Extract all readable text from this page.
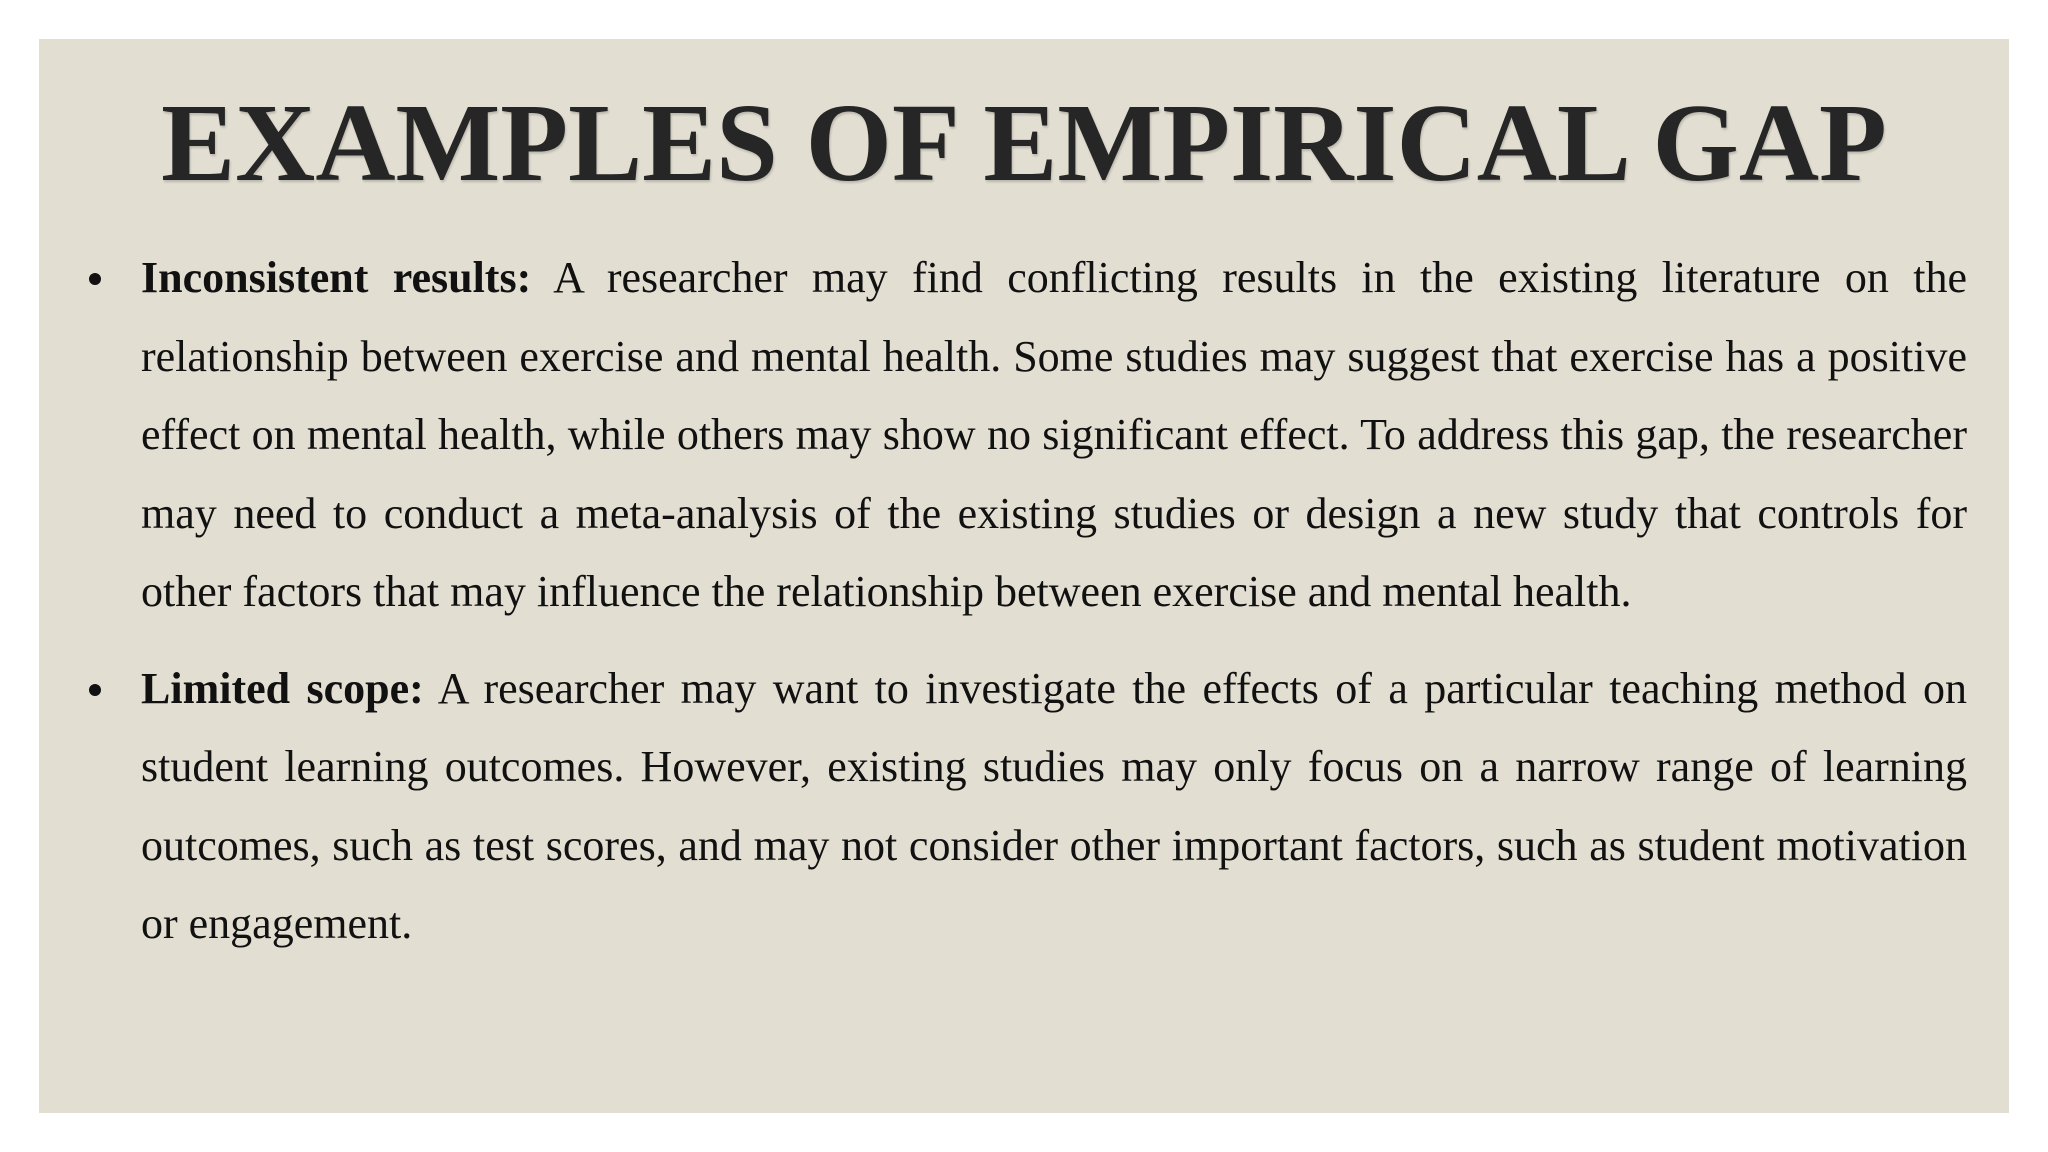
EXAMPLES OF EMPIRICAL GAP
Inconsistent results: A researcher may find conflicting results in the existing literature on the relationship between exercise and mental health. Some studies may suggest that exercise has a positive effect on mental health, while others may show no significant effect. To address this gap, the researcher may need to conduct a meta-analysis of the existing studies or design a new study that controls for other factors that may influence the relationship between exercise and mental health.
Limited scope: A researcher may want to investigate the effects of a particular teaching method on student learning outcomes. However, existing studies may only focus on a narrow range of learning outcomes, such as test scores, and may not consider other important factors, such as student motivation or engagement.
